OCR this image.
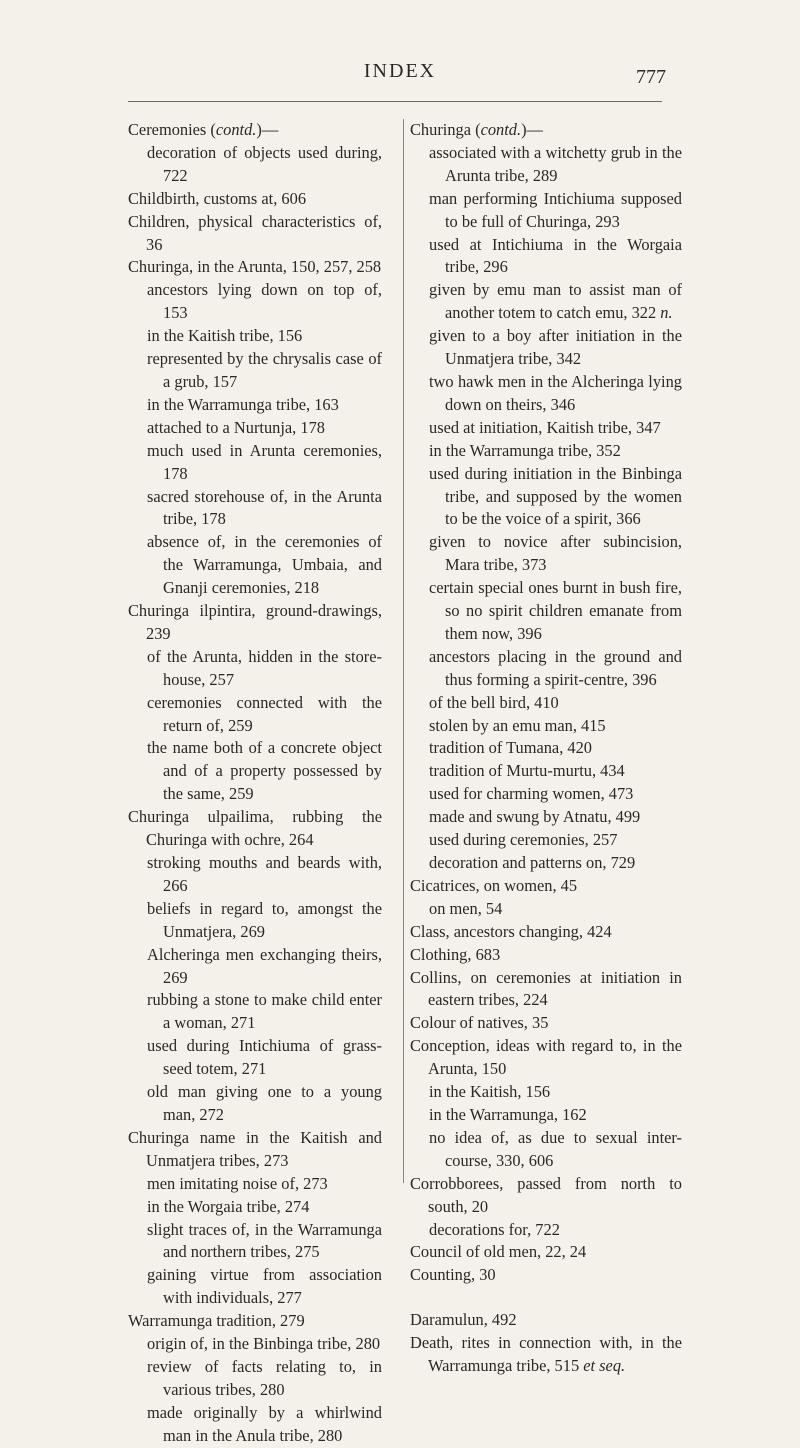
INDEX	777
Ceremonies (contd.)—
decoration of objects used during, 722
Childbirth, customs at, 606
Children, physical characteristics of, 36
Churinga, in the Arunta, 150, 257, 258
ancestors lying down on top of, 153
in the Kaitish tribe, 156
represented by the chrysalis case of a grub, 157
in the Warramunga tribe, 163
attached to a Nurtunja, 178
much used in Arunta ceremonies, 178
sacred storehouse of, in the Arunta tribe, 178
absence of, in the ceremonies of the Warramunga, Umbaia, and Gnanji ceremonies, 218
Churinga ilpintira, ground-drawings, 239
of the Arunta, hidden in the store-house, 257
ceremonies connected with the return of, 259
the name both of a concrete object and of a property possessed by the same, 259
Churinga ulpailima, rubbing the Churinga with ochre, 264
stroking mouths and beards with, 266
beliefs in regard to, amongst the Unmatjera, 269
Alcheringa men exchanging theirs, 269
rubbing a stone to make child enter a woman, 271
used during Intichiuma of grass-seed totem, 271
old man giving one to a young man, 272
Churinga name in the Kaitish and Unmatjera tribes, 273
men imitating noise of, 273
in the Worgaia tribe, 274
slight traces of, in the Warramunga and northern tribes, 275
gaining virtue from association with individuals, 277
Warramunga tradition, 279
origin of, in the Binbinga tribe, 280
review of facts relating to, in various tribes, 280
made originally by a whirlwind man in the Anula tribe, 280
Churinga (contd.)—
associated with a witchetty grub in the Arunta tribe, 289
man performing Intichiuma supposed to be full of Churinga, 293
used at Intichiuma in the Worgaia tribe, 296
given by emu man to assist man of another totem to catch emu, 322 n.
given to a boy after initiation in the Unmatjera tribe, 342
two hawk men in the Alcheringa lying down on theirs, 346
used at initiation, Kaitish tribe, 347
in the Warramunga tribe, 352
used during initiation in the Binbinga tribe, and supposed by the women to be the voice of a spirit, 366
given to novice after subincision, Mara tribe, 373
certain special ones burnt in bush fire, so no spirit children emanate from them now, 396
ancestors placing in the ground and thus forming a spirit-centre, 396
of the bell bird, 410
stolen by an emu man, 415
tradition of Tumana, 420
tradition of Murtu-murtu, 434
used for charming women, 473
made and swung by Atnatu, 499
used during ceremonies, 257
decoration and patterns on, 729
Cicatrices, on women, 45
on men, 54
Class, ancestors changing, 424
Clothing, 683
Collins, on ceremonies at initiation in eastern tribes, 224
Colour of natives, 35
Conception, ideas with regard to, in the Arunta, 150
in the Kaitish, 156
in the Warramunga, 162
no idea of, as due to sexual inter-course, 330, 606
Corrobborees, passed from north to south, 20
decorations for, 722
Council of old men, 22, 24
Counting, 30
Daramulun, 492
Death, rites in connection with, in the Warramunga tribe, 515 et seq.
